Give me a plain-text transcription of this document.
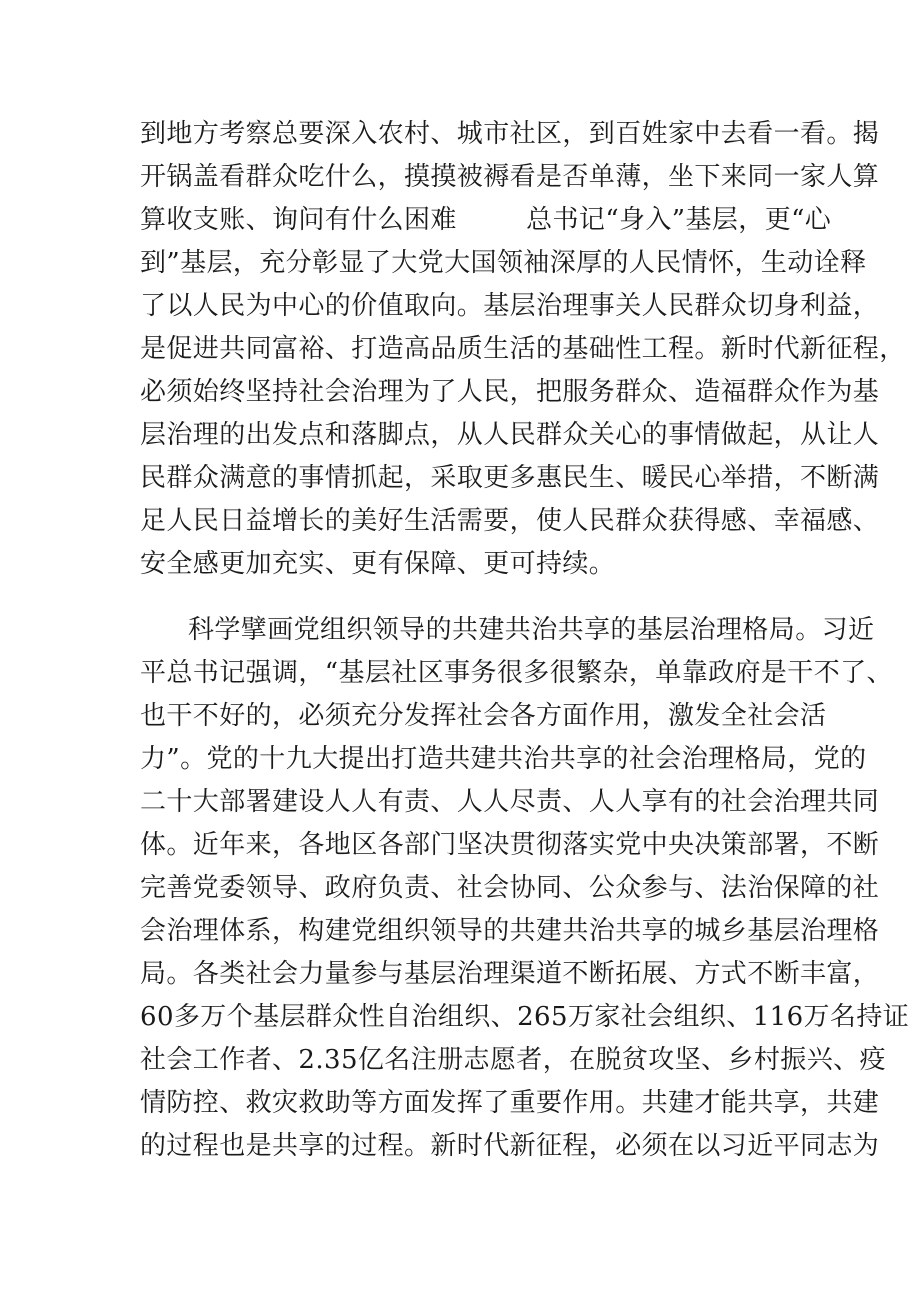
到地方考察总要深入农村、城市社区，到百姓家中去看一看。揭
开锅盖看群众吃什么，摸摸被褥看是否单薄，坐下来同一家人算
算收支账、询问有什么困难        总书记“身入”基层，更“心
到”基层，充分彰显了大党大国领袖深厚的人民情怀，生动诠释
了以人民为中心的价值取向。基层治理事关人民群众切身利益，
是促进共同富裕、打造高品质生活的基础性工程。新时代新征程，
必须始终坚持社会治理为了人民，把服务群众、造福群众作为基
层治理的出发点和落脚点，从人民群众关心的事情做起，从让人
民群众满意的事情抓起，采取更多惠民生、暖民心举措，不断满
足人民日益增长的美好生活需要，使人民群众获得感、幸福感、
安全感更加充实、更有保障、更可持续。
科学擘画党组织领导的共建共治共享的基层治理格局。习近
平总书记强调，“基层社区事务很多很繁杂，单靠政府是干不了、
也干不好的，必须充分发挥社会各方面作用，激发全社会活
力”。党的十九大提出打造共建共治共享的社会治理格局，党的
二十大部署建设人人有责、人人尽责、人人享有的社会治理共同
体。近年来，各地区各部门坚决贯彻落实党中央决策部署，不断
完善党委领导、政府负责、社会协同、公众参与、法治保障的社
会治理体系，构建党组织领导的共建共治共享的城乡基层治理格
局。各类社会力量参与基层治理渠道不断拓展、方式不断丰富，
60多万个基层群众性自治组织、265万家社会组织、116万名持证
社会工作者、2.35亿名注册志愿者，在脱贫攻坚、乡村振兴、疫
情防控、救灾救助等方面发挥了重要作用。共建才能共享，共建
的过程也是共享的过程。新时代新征程，必须在以习近平同志为
